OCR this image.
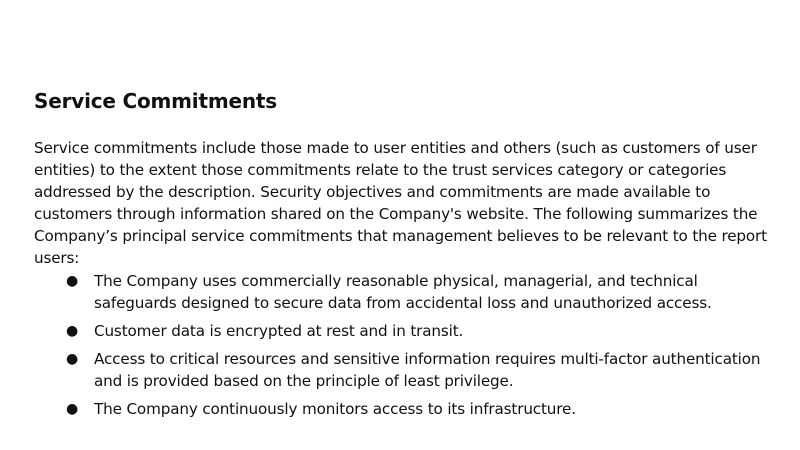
Service Commitments

Service commitments include those made to user entities and others (such as customers of user entities) to the extent those commitments relate to the trust services category or categories addressed by the description. Security objectives and commitments are made available to customers through information shared on the Company's website. The following summarizes the Company’s principal service commitments that management believes to be relevant to the report users:

● The Company uses commercially reasonable physical, managerial, and technical safeguards designed to secure data from accidental loss and unauthorized access.
● Customer data is encrypted at rest and in transit.
● Access to critical resources and sensitive information requires multi-factor authentication and is provided based on the principle of least privilege.
● The Company continuously monitors access to its infrastructure.
